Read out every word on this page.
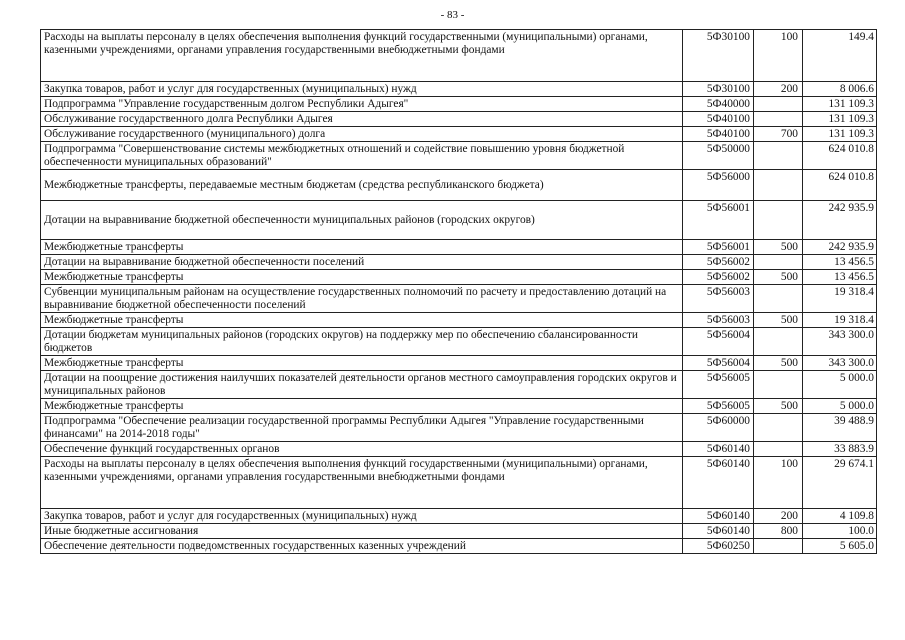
- 83 -
Расходы на выплаты персоналу в целях обеспечения выполнения функций государственными (муниципальными) органами, казенными учреждениями, органами управления государственными внебюджетными фондами	5Ф30100	100	149.4
Закупка товаров, работ и услуг для государственных (муниципальных) нужд	5Ф30100	200	8 006.6
Подпрограмма "Управление государственным долгом Республики Адыгея"	5Ф40000		131 109.3
Обслуживание государственного долга Республики Адыгея	5Ф40100		131 109.3
Обслуживание государственного (муниципального) долга	5Ф40100	700	131 109.3
Подпрограмма "Совершенствование системы межбюджетных отношений и содействие повышению уровня бюджетной обеспеченности муниципальных образований"	5Ф50000		624 010.8
Межбюджетные трансферты, передаваемые местным бюджетам (средства республиканского бюджета)	5Ф56000		624 010.8
Дотации на выравнивание бюджетной обеспеченности муниципальных районов (городских округов)	5Ф56001		242 935.9
Межбюджетные трансферты	5Ф56001	500	242 935.9
Дотации на выравнивание бюджетной обеспеченности поселений	5Ф56002		13 456.5
Межбюджетные трансферты	5Ф56002	500	13 456.5
Субвенции муниципальным районам на осуществление государственных полномочий по расчету и предоставлению дотаций на выравнивание бюджетной обеспеченности поселений	5Ф56003		19 318.4
Межбюджетные трансферты	5Ф56003	500	19 318.4
Дотации бюджетам муниципальных районов (городских округов) на поддержку мер по обеспечению сбалансированности бюджетов	5Ф56004		343 300.0
Межбюджетные трансферты	5Ф56004	500	343 300.0
Дотации на поощрение достижения наилучших показателей деятельности органов местного самоуправления городских округов и муниципальных районов	5Ф56005		5 000.0
Межбюджетные трансферты	5Ф56005	500	5 000.0
Подпрограмма "Обеспечение реализации государственной программы Республики Адыгея "Управление государственными финансами" на 2014-2018 годы"	5Ф60000		39 488.9
Обеспечение функций государственных органов	5Ф60140		33 883.9
Расходы на выплаты персоналу в целях обеспечения выполнения функций государственными (муниципальными) органами, казенными учреждениями, органами управления государственными внебюджетными фондами	5Ф60140	100	29 674.1
Закупка товаров, работ и услуг для государственных (муниципальных) нужд	5Ф60140	200	4 109.8
Иные бюджетные ассигнования	5Ф60140	800	100.0
Обеспечение деятельности подведомственных государственных казенных учреждений	5Ф60250		5 605.0
